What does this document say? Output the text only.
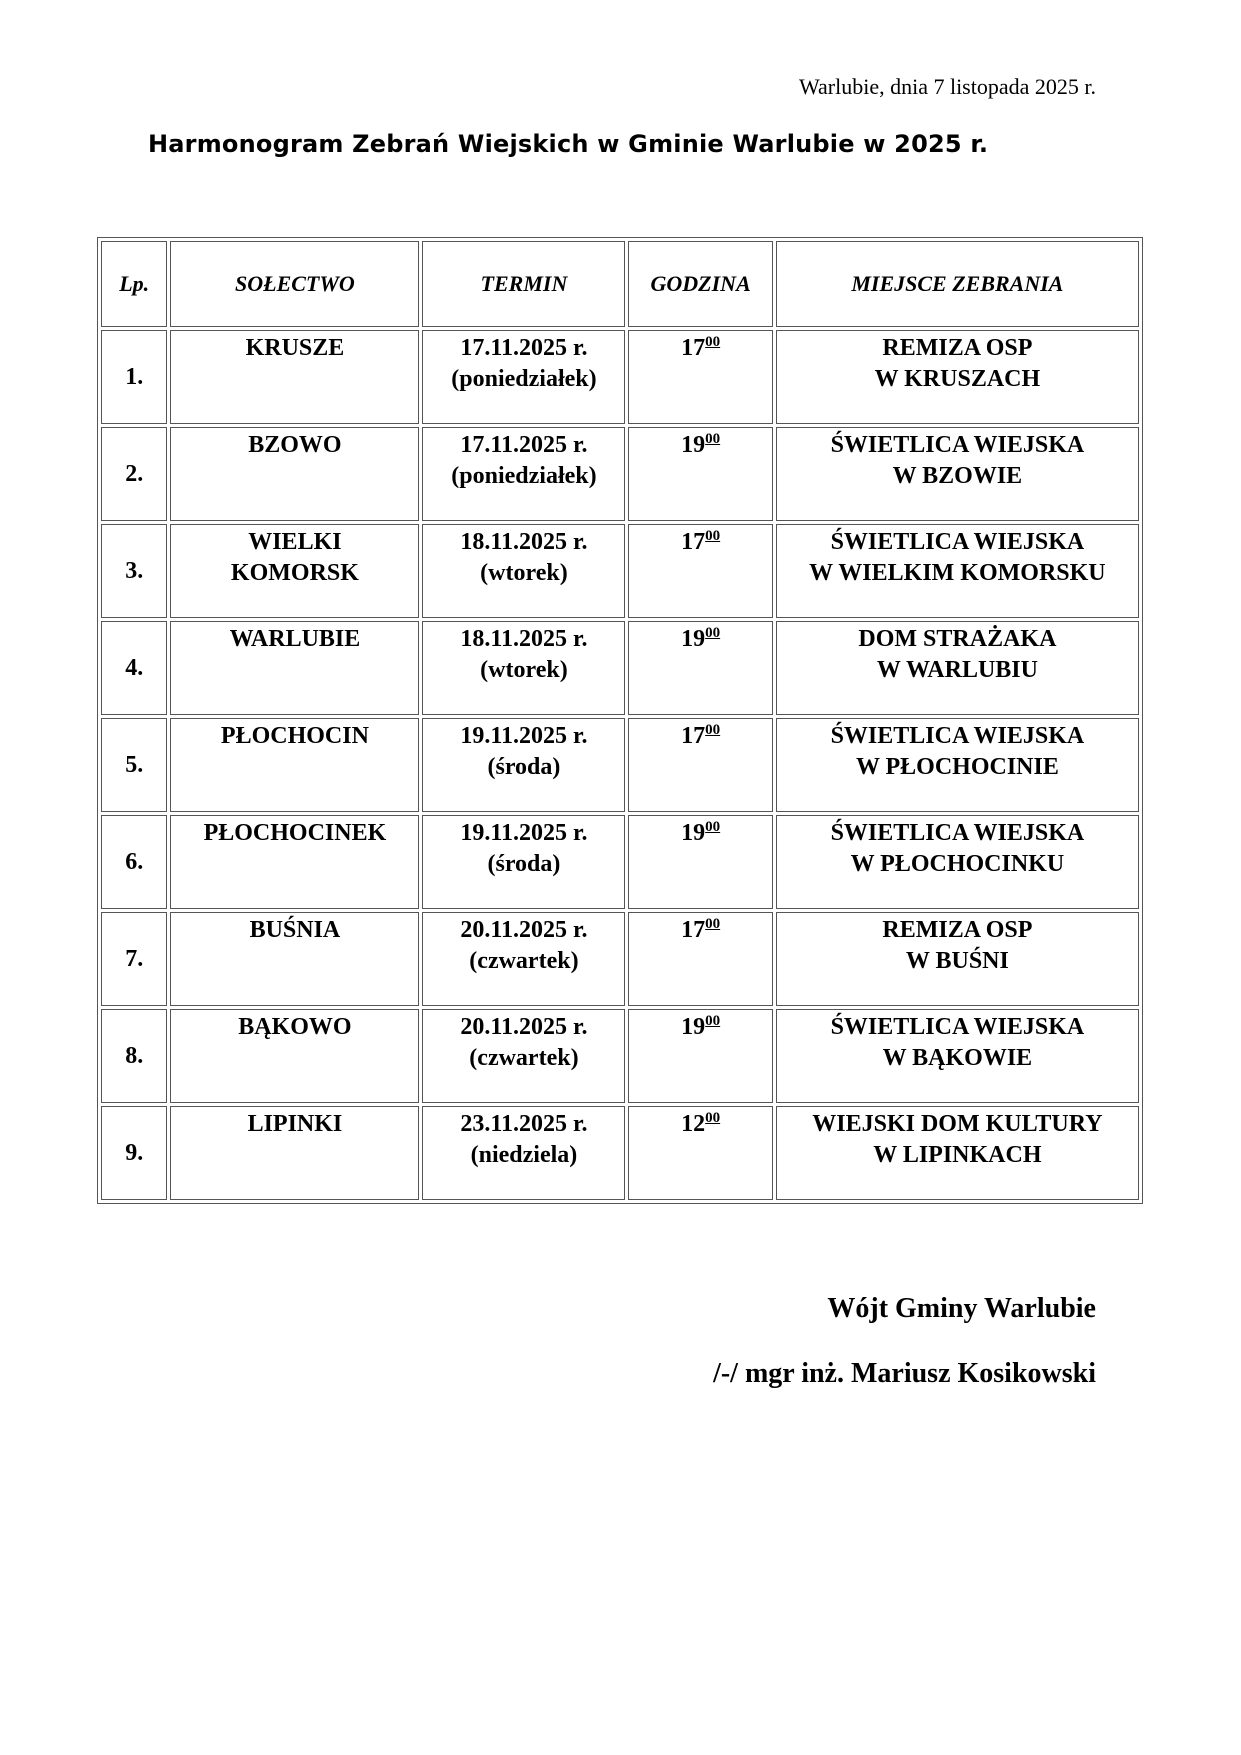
Warlubie, dnia 7 listopada 2025 r.
Harmonogram Zebrań Wiejskich w Gminie Warlubie w 2025 r.
Lp.	SOŁECTWO	TERMIN	GODZINA	MIEJSCE ZEBRANIA
1.	KRUSZE	17.11.2025 r.
(poniedziałek)	$17^{00}$	REMIZA OSP
W KRUSZACH

2.	BZOWO	17.11.2025 r.
(poniedziałek)	$19^{00}$	ŚWIETLICA WIEJSKA
W BZOWIE

3.	WIELKI
KOMORSK	18.11.2025 r.
(wtorek)	$17^{00}$	ŚWIETLICA WIEJSKA
W WIELKIM KOMORSKU

4.	WARLUBIE	18.11.2025 r.
(wtorek)	$19^{00}$	DOM STRAŻAKA
W WARLUBIU

5.	PŁOCHOCIN	19.11.2025 r.
(środa)	$17^{00}$	ŚWIETLICA WIEJSKA
W PŁOCHOCINIE

6.	PŁOCHOCINEK	19.11.2025 r.
(środa)	$19^{00}$	ŚWIETLICA WIEJSKA
W PŁOCHOCINKU

7.	BUŚNIA	20.11.2025 r.
(czwartek)	$17^{00}$	REMIZA OSP
W BUŚNI

8.	BĄKOWO	20.11.2025 r.
(czwartek)	$19^{00}$	ŚWIETLICA WIEJSKA
W BĄKOWIE

9.	LIPINKI	23.11.2025 r.
(niedziela)	$12^{00}$	WIEJSKI DOM KULTURY
W LIPINKACH
Wójt Gminy Warlubie
/-/ mgr inż. Mariusz Kosikowski
